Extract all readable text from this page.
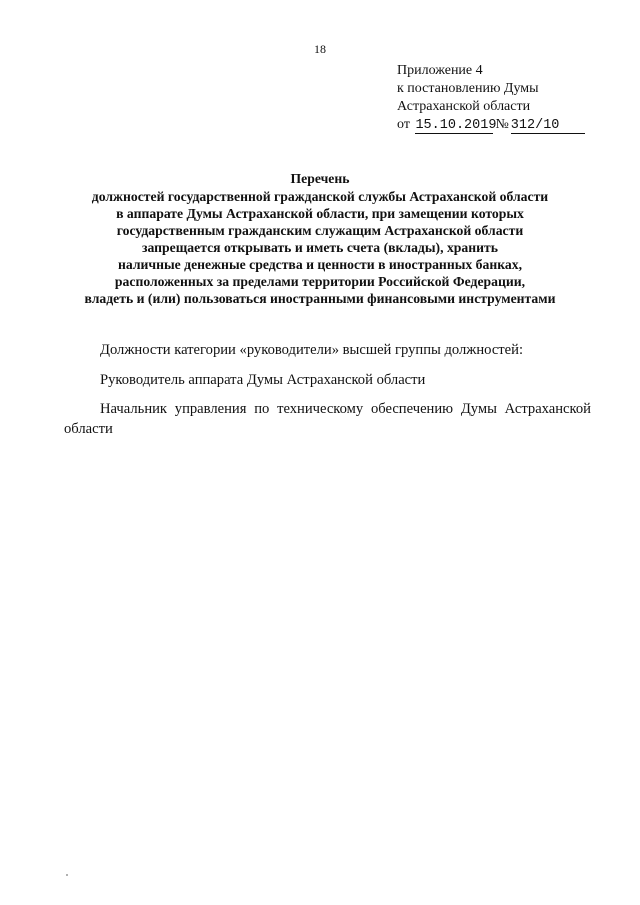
18
Приложение 4
к постановлению Думы
Астраханской области
от 15.10.2019№ 312/10
Перечень
должностей государственной гражданской службы Астраханской области
в аппарате Думы Астраханской области, при замещении которых
государственным гражданским служащим Астраханской области
запрещается открывать и иметь счета (вклады), хранить
наличные денежные средства и ценности в иностранных банках,
расположенных за пределами территории Российской Федерации,
владеть и (или) пользоваться иностранными финансовыми инструментами

Должности категории «руководители» высшей группы должностей:

Руководитель аппарата Думы Астраханской области

Начальник управления по техническому обеспечению Думы Астраханской области
